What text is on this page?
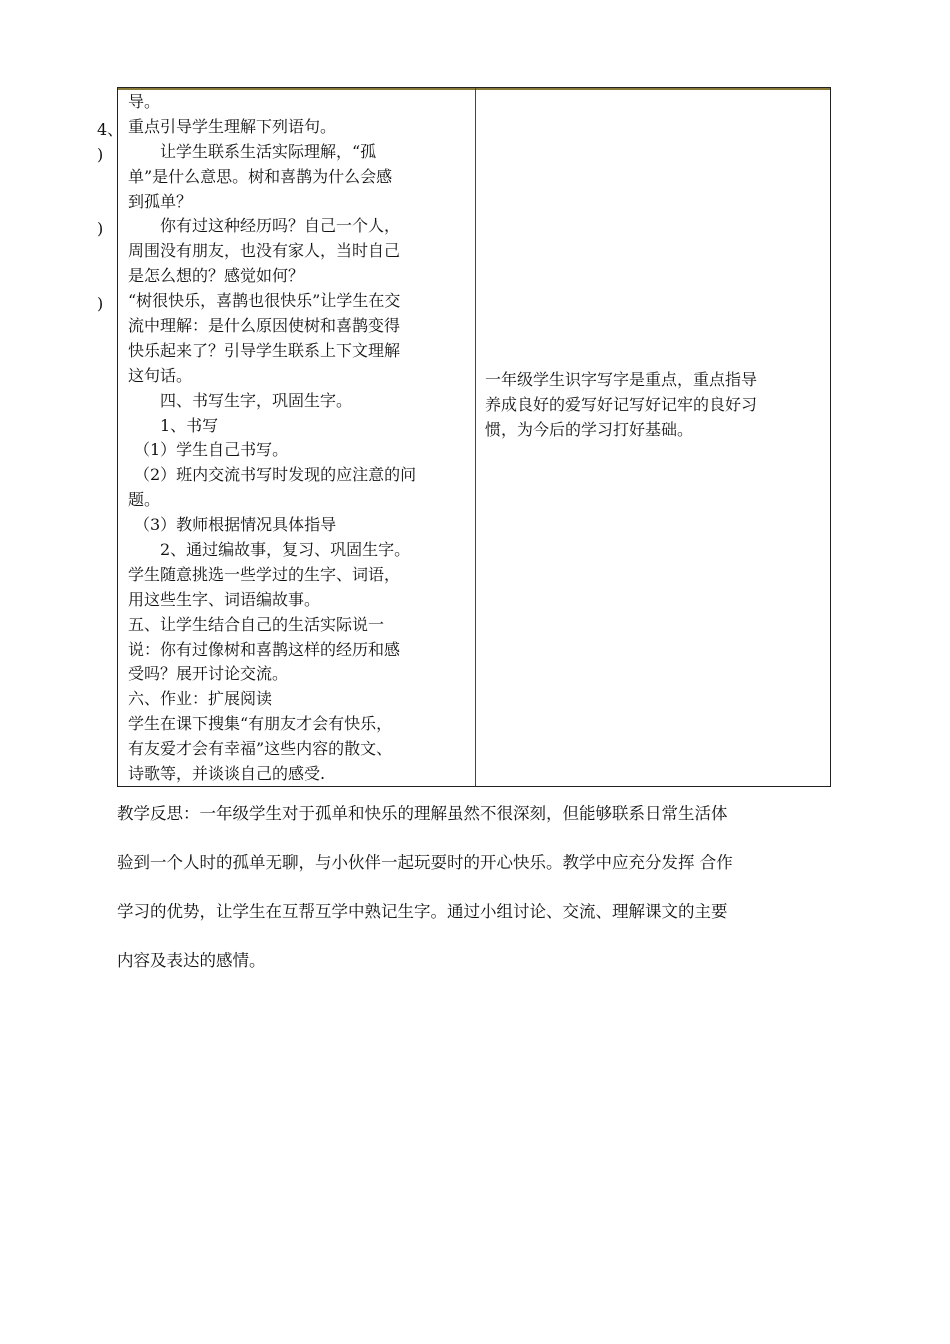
4、
)
)
)
导。
重点引导学生理解下列语句。
让学生联系生活实际理解，“孤
单”是什么意思。树和喜鹊为什么会感
到孤单？
你有过这种经历吗？自己一个人，
周围没有朋友，也没有家人，当时自己
是怎么想的？感觉如何？
“树很快乐，喜鹊也很快乐”让学生在交
流中理解：是什么原因使树和喜鹊变得
快乐起来了？引导学生联系上下文理解
这句话。
四、书写生字，巩固生字。
1、书写
（1）学生自己书写。
（2）班内交流书写时发现的应注意的问
题。
（3）教师根据情况具体指导
2、通过编故事，复习、巩固生字。
学生随意挑选一些学过的生字、词语，
用这些生字、词语编故事。
五、让学生结合自己的生活实际说一
说：你有过像树和喜鹊这样的经历和感
受吗？展开讨论交流。
六、作业：扩展阅读
学生在课下搜集“有朋友才会有快乐，
有友爱才会有幸福”这些内容的散文、
诗歌等，并谈谈自己的感受.
一年级学生识字写字是重点，重点指导
养成良好的爱写好记写好记牢的良好习
惯，为今后的学习打好基础。
教学反思：一年级学生对于孤单和快乐的理解虽然不很深刻，但能够联系日常生活体
验到一个人时的孤单无聊，与小伙伴一起玩耍时的开心快乐。教学中应充分发挥 合作
学习的优势，让学生在互帮互学中熟记生字。通过小组讨论、交流、理解课文的主要
内容及表达的感情。
